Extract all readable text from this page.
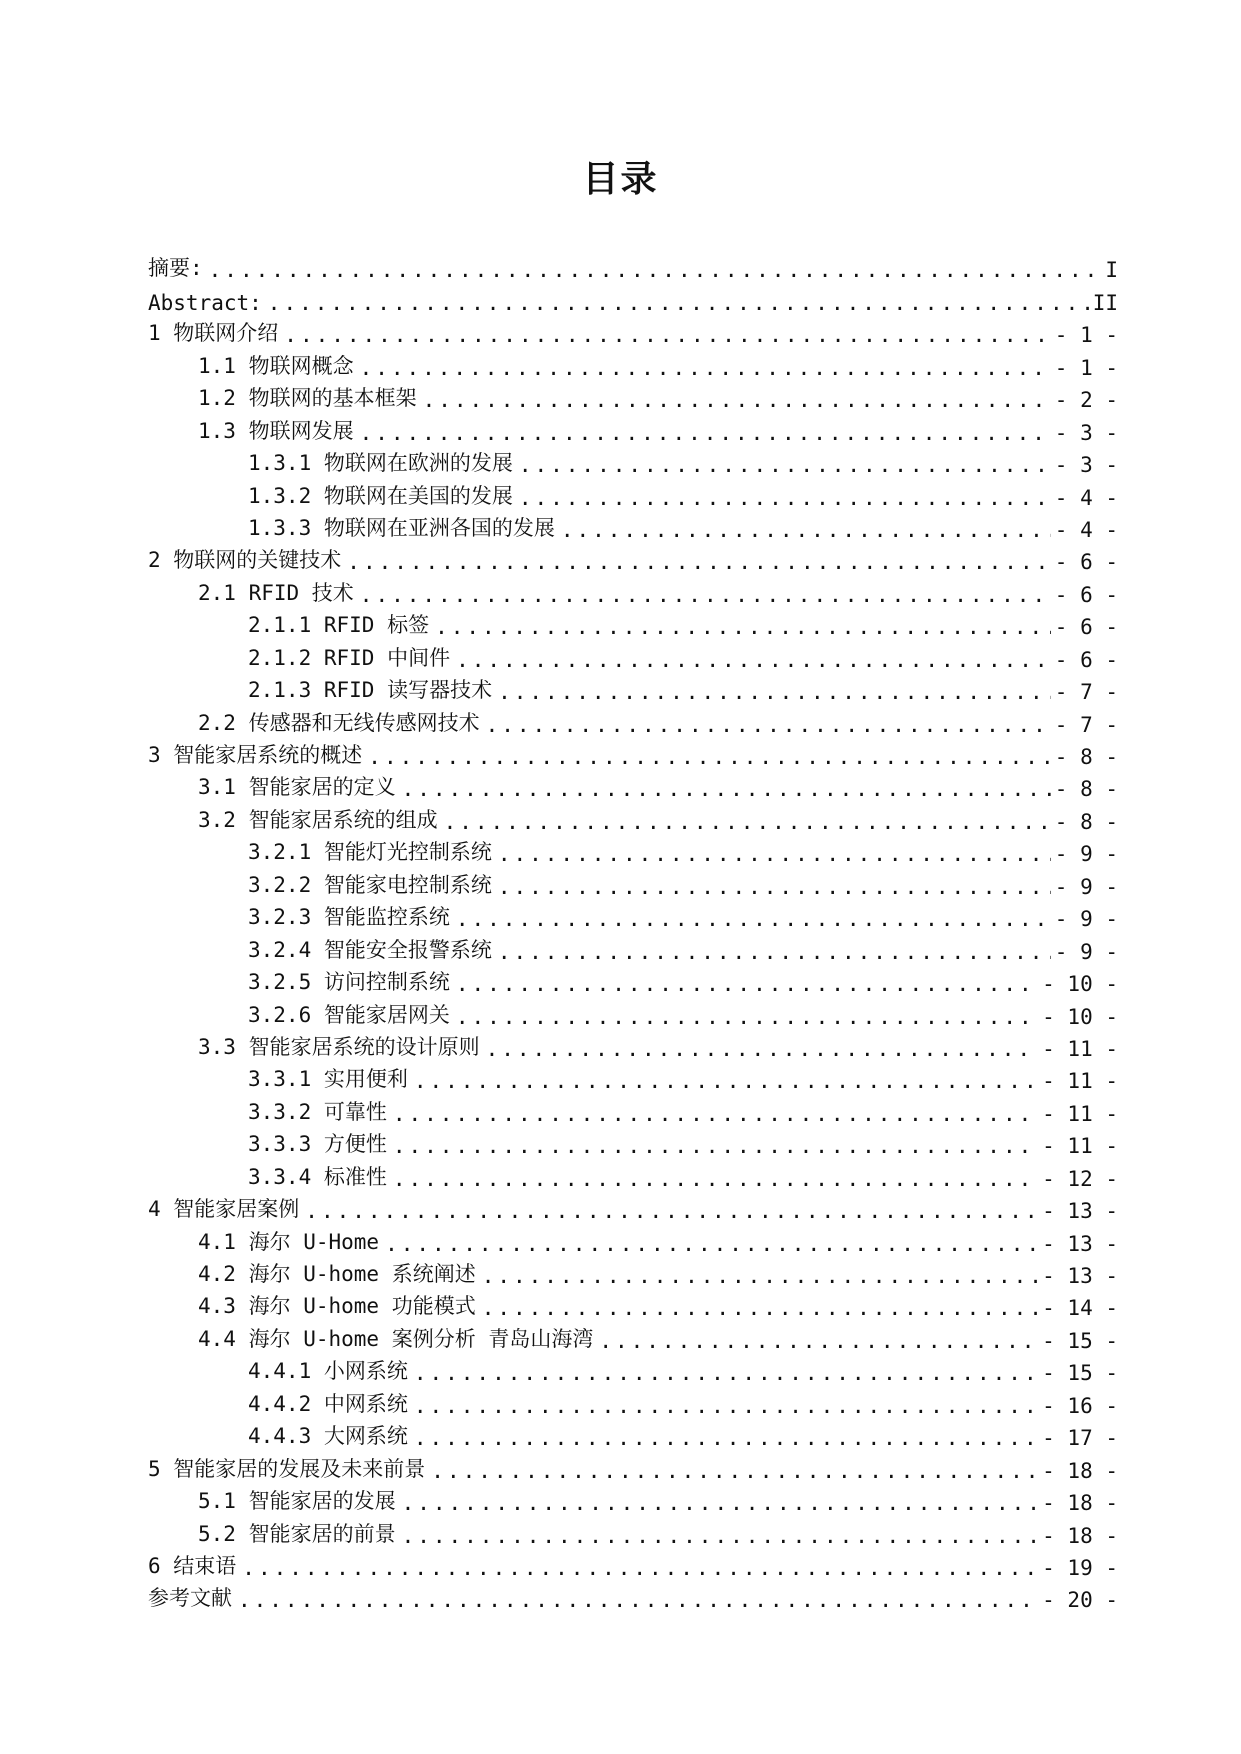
目录
摘要: .....	I
Abstract: .....	II
1 物联网介绍 .....	- 1 -
1.1 物联网概念 .....	- 1 -
1.2 物联网的基本框架 .....	- 2 -
1.3 物联网发展 .....	- 3 -
1.3.1 物联网在欧洲的发展 .....	- 3 -
1.3.2 物联网在美国的发展 .....	- 4 -
1.3.3 物联网在亚洲各国的发展 .....	- 4 -
2 物联网的关键技术 .....	- 6 -
2.1 RFID 技术 .....	- 6 -
2.1.1 RFID 标签 .....	- 6 -
2.1.2 RFID 中间件 .....	- 6 -
2.1.3 RFID 读写器技术 .....	- 7 -
2.2 传感器和无线传感网技术 .....	- 7 -
3 智能家居系统的概述 .....	- 8 -
3.1 智能家居的定义 .....	- 8 -
3.2 智能家居系统的组成 .....	- 8 -
3.2.1 智能灯光控制系统 .....	- 9 -
3.2.2 智能家电控制系统 .....	- 9 -
3.2.3 智能监控系统 .....	- 9 -
3.2.4 智能安全报警系统 .....	- 9 -
3.2.5 访问控制系统 .....	- 10 -
3.2.6 智能家居网关 .....	- 10 -
3.3 智能家居系统的设计原则 .....	- 11 -
3.3.1 实用便利 .....	- 11 -
3.3.2 可靠性 .....	- 11 -
3.3.3 方便性 .....	- 11 -
3.3.4 标准性 .....	- 12 -
4 智能家居案例 .....	- 13 -
4.1 海尔 U-Home .....	- 13 -
4.2 海尔 U-home 系统阐述 .....	- 13 -
4.3 海尔 U-home 功能模式 .....	- 14 -
4.4 海尔 U-home 案例分析 青岛山海湾 .....	- 15 -
4.4.1 小网系统 .....	- 15 -
4.4.2 中网系统 .....	- 16 -
4.4.3 大网系统 .....	- 17 -
5 智能家居的发展及未来前景 .....	- 18 -
5.1 智能家居的发展 .....	- 18 -
5.2 智能家居的前景 .....	- 18 -
6 结束语 .....	- 19 -
参考文献 .....	- 20 -
